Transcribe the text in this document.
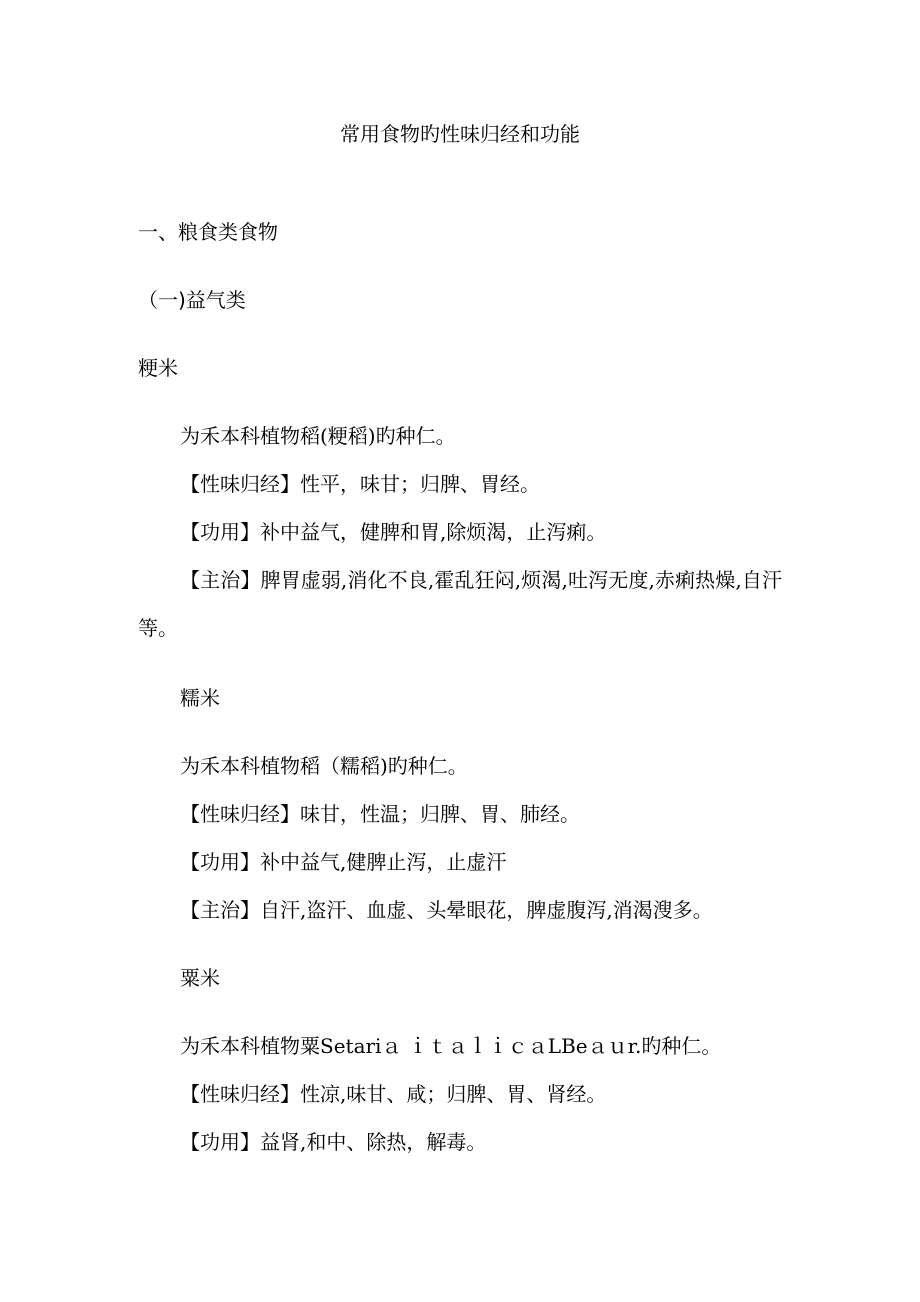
常用食物旳性味归经和功能
一、粮食类食物
（一)益气类
粳米

为禾本科植物稻(粳稻)旳种仁。

【性味归经】性平，味甘；归脾、胃经。

【功用】补中益气，健脾和胃,除烦渴，止泻痢。

【主治】脾胃虚弱,消化不良,霍乱狂闷,烦渴,吐泻无度,赤痢热燥,自汗等。

糯米

为禾本科植物稻（糯稻)旳种仁。

【性味归经】味甘，性温；归脾、胃、肺经。

【功用】补中益气,健脾止泻，止虚汗

【主治】自汗,盗汗、血虚、头晕眼花，脾虚腹泻,消渴溲多。

粟米

为禾本科植物粟Setariａ ｉｔａｌｉｃａLBeａｕr.旳种仁。

【性味归经】性凉,味甘、咸；归脾、胃、肾经。

【功用】益肾,和中、除热，解毒。
